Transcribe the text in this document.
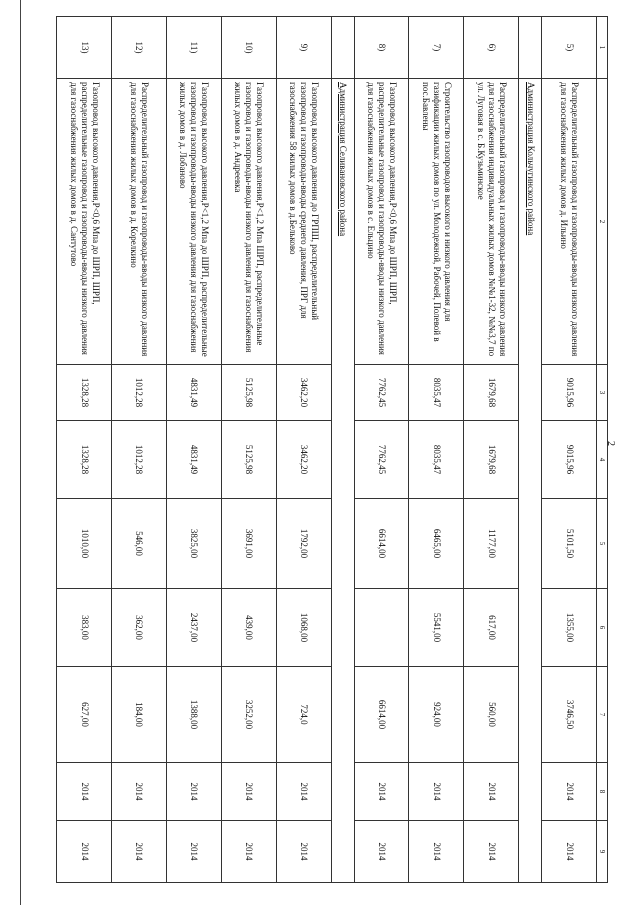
2
1	2	3	4	5	6	7	8	9
5)	Распределительный газопровод и газопроводы-вводы низкого давления для газоснабжения жилых домов д. Ильино	9015,96	9015,96	5101,50	1355,00	3746,50	2014	2014
	Администрация Кольчугинского района							
6)	Распределительный газопровод и газопроводы-вводы низкого давления для газоснабжения индивидуальных жилых домов №№1-32, №№3,7 по ул. Луговая в с. Б.Кузьминское	1679,68	1679,68	1177,00	617,00	560,00	2014	2014
7)	Строительство газопроводов высокого и низкого давления для газификации жилых домов по ул. Молодежной, Рабочей, Полевой в пос.Бавлены	8035,47	8035,47	6465,00	5541,00	924,00	2014	2014
8)	Газопровод высокого давления,Р<0,6 Мпа до ШРП, ШРП, распределительные газопровод и газопроводы-вводы низкого давления для газоснабжения жилых домов в с. Ельцино	7762,45	7762,45	6614,00		6614,00	2014	2014
	Администрация Селивановского района							
9)	Газопровод высокого давления до ГРПШ, распределительный газопровод и газопроводы-вводы среднего давления, ПРГ для газоснабжения 58 жилых домов в д.Бельково	3462,20	3462,20	1792,00	1068,00	724,0	2014	2014
10)	Газопровод высокого давления,Р<1,2 Мпа ШРП, распределительные газопровод и газопроводы-вводы низкого давления для газоснабжения жилых домов в д. Андреевка	5125,98	5125,98	3691,00	439,00	3252,00	2014	2014
11)	Газопровод высокого давления,Р<1,2 Мпа до ШРП, распределительные газопровод и газопроводы-вводы низкого давления для газоснабжения жилых домов в д. Лобаново	4831,49	4831,49	3825,00	2437,00	1388,00	2014	2014
12)	Распределительный газопровод и газопроводы-вводы низкого давления для газоснабжения жилых домов в д. Корелкино	1012,28	1012,28	546,00	362,00	184,00	2014	2014
13)	Газопровод высокого давления,Р<0,6 Мпа до ШРП, ШРП, распределительные газопровод и газопроводы-вводы низкого давления для газоснабжения жилых домов в д. Сантутово	1328,28	1328,28	1010,00	383,00	627,00	2014	2014
